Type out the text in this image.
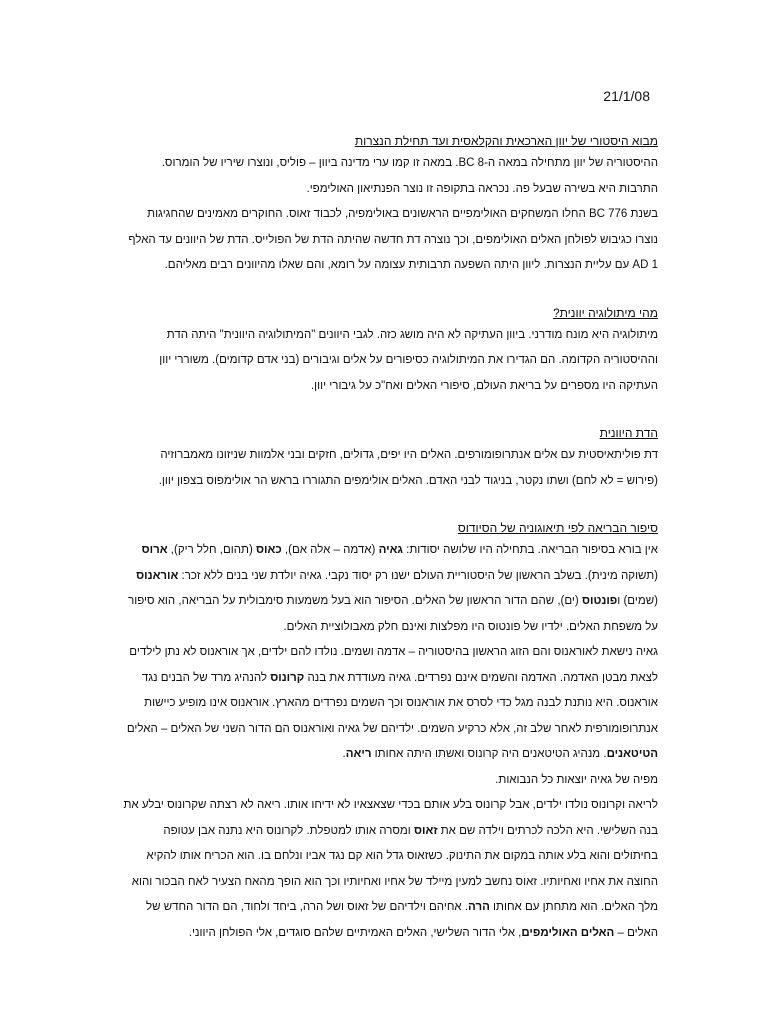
21/1/08

מבוא היסטורי של יוון הארכאית והקלאסית ועד תחילת הנצרות

ההיסטוריה של יוון מתחילה במאה ה-BC 8. במאה זו קמו ערי מדינה ביוון – פוליס, ונוצרו שיריו של הומרוס.

התרבות היא בשירה שבעל פה. נכראה בתקופה זו נוצר הפנתיאון האולימפי.

בשנת BC 776 החלו המשחקים האולימפיים הראשונים באולימפיה, לכבוד זאוס. החוקרים מאמינים שהחגיגות

נוצרו כגיבוש לפולחן האלים האולימפים, וכך נוצרה דת חדשה שהיתה הדת של הפולייס. הדת של היוונים עד האלף

AD 1 עם עליית הנצרות. ליוון היתה השפעה תרבותית עצומה על רומא, והם שאלו מהיוונים רבים מאליהם.

מהי מיתולוגיה יוונית?

מיתולוגיה היא מונח מודרני. ביוון העתיקה לא היה מושג כזה. לגבי היוונים "המיתולוגיה היוונית" היתה הדת

וההיסטוריה הקדומה. הם הגדירו את המיתולוגיה כסיפורים על אלים וגיבורים (בני אדם קדומים). משוררי יוון

העתיקה היו מספרים על בריאת העולם, סיפורי האלים ואח"כ על גיבורי יוון.

הדת היוונית

דת פוליתאיסטית עם אלים אנתרופומורפים. האלים היו יפים, גדולים, חזקים ובני אלמוות שניזונו מאמברוזיה

(פירוש = לא לחם) ושתו נקטר, בניגוד לבני האדם. האלים אולימפים התגוררו בראש הר אולימפוס בצפון יוון.

סיפור הבריאה לפי תיאוגוניה של הסיודוס

אין בורא בסיפור הבריאה. בתחילה היו שלושה יסודות: גאיה (אדמה – אלה אם), כאוס (תהום, חלל ריק), ארוס

(תשוקה מינית). בשלב הראשון של היסטוריית העולם ישנו רק יסוד נקבי. גאיה יולדת שני בנים ללא זכר: אוראנוס

(שמים) ופונטוס (ים), שהם הדור הראשון של האלים. הסיפור הוא בעל משמעות סימבולית על הבריאה, הוא סיפור

על משפחת האלים. ילדיו של פונטוס היו מפלצות ואינם חלק מאבולוציית האלים.

גאיה נישאת לאוראנוס והם הזוג הראשון בהיסטוריה – אדמה ושמים. נולדו להם ילדים, אך אוראנוס לא נתן לילדים

לצאת מבטן האדמה. האדמה והשמים אינם נפרדים. גאיה מעודדת את בנה קרונוס להנהיג מרד של הבנים נגד

אוראנוס. היא נותנת לבנה מגל כדי לסרס את אוראנוס וכך השמים נפרדים מהארץ. אוראנוס אינו מופיע כיישות

אנתרופומורפית לאחר שלב זה, אלא כרקיע השמים. ילדיהם של גאיה ואוראנוס הם הדור השני של האלים – האלים

הטיטאנים. מנהיג הטיטאנים היה קרונוס ואשתו היתה אחותו ריאה.

מפיה של גאיה יוצאות כל הנבואות.

לריאה וקרונוס נולדו ילדים, אבל קרונוס בלע אותם בכדי שצאצאיו לא ידיחו אותו. ריאה לא רצתה שקרונוס יבלע את

בנה השלישי. היא הלכה לכרתים וילדה שם את זאוס ומסרה אותו למטפלת. לקרונוס היא נתנה אבן עטופה

בחיתולים והוא בלע אותה במקום את התינוק. כשזאוס גדל הוא קם נגד אביו ונלחם בו. הוא הכריח אותו להקיא

החוצה את אחיו ואחיותיו. זאוס נחשב למעין מיילד של אחיו ואחיותיו וכך הוא הופך מהאח הצעיר לאח הבכור והוא

מלך האלים. הוא מתחתן עם אחותו הרה. אחיהם וילדיהם של זאוס ושל הרה, ביחד ולחוד, הם הדור החדש של

האלים – האלים האולימפים, אלי הדור השלישי, האלים האמיתיים שלהם סוגדים, אלי הפולחן היווני.
